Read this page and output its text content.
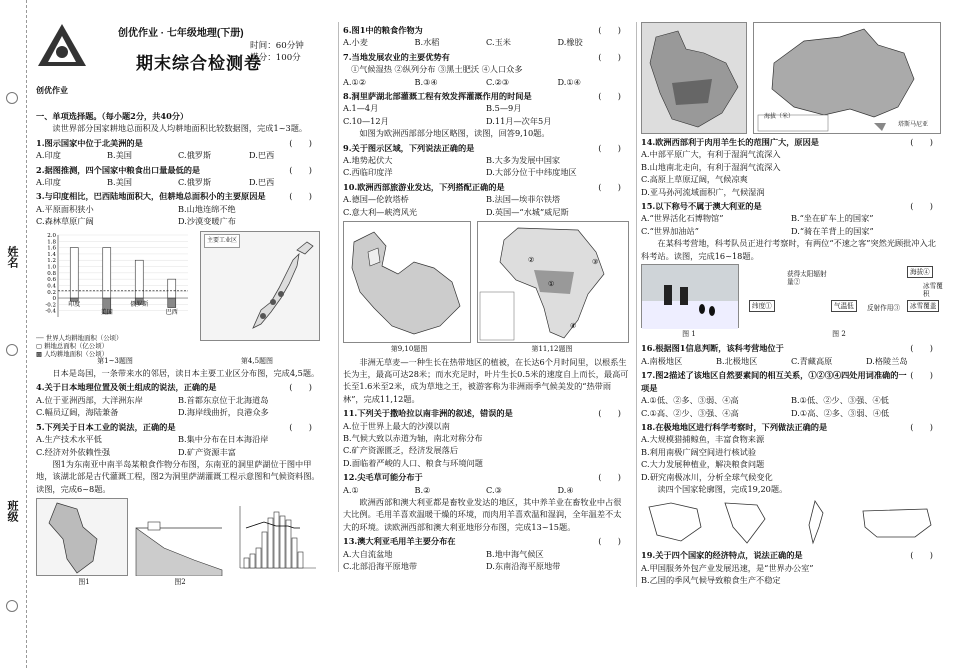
姓名
班级
创优作业
创优作业 · 七年级地理(下册)
时间：60分钟
满分：100分
期末综合检测卷
一、单项选择题。（每小题2分，共40分）
读世界部分国家耕地总面积及人均耕地面积比较数据图，完成1~3题。
1.图示国家中位于北美洲的是	(　　)
A.印度	B.美国	C.俄罗斯	D.巴西
2.据图推测，四个国家中粮食出口量最低的是	(　　)
A.印度	B.美国	C.俄罗斯	D.巴西
3.与印度相比，巴西陆地面积大，但耕地总面积小的主要原因是	(　　)
A.平原面积狭小	B.山地连绵不绝
C.森林草原广阔	D.沙漠变暖广布
2.0
1.8
1.6
1.4
1.2
1.0
0.8
0.6
0.4
0.2
0
-0.2
-0.4
印度
美国
俄罗斯
巴西
┈┈ 世界人均耕地面积（公顷）
▢ 耕地总面积（亿公顷）
▩ 人均耕地面积（公顷）
主要工业区
第1~3题图	第4,5题图
日本是岛国，一条带来水的邻居，读日本主要工业区分布图，完成4,5题。
4.关于日本地理位置及领土组成的说法，正确的是	(　　)
A.位于亚洲西部，大洋洲东岸	B.首都东京位于北海道岛
C.幅员辽阔，海陆兼备	D.海岸线曲折，良港众多
5.下列关于日本工业的说法，正确的是	(　　)
A.生产技术水平低	B.集中分布在日本海沿岸
C.经济对外依赖性强	D.矿产资源丰富
图1为东南亚中南半岛某粮食作物分布图，东南亚的洞里萨湖位于图中甲地，该湖北部是古代灌溉工程，图2为洞里萨湖灌溉工程示意图和气候资料图。读图，完成6~8题。
图1	图2
6.图1中的粮食作物为	(　　)
A.小麦	B.水稻	C.玉米	D.橡胶
7.当地发展农业的主要优势有	(　　)
①气候湿热 ②纵列分布 ③黑土肥沃 ④人口众多
A.①②	B.③④	C.②③	D.①④
8.洞里萨湖北部灌溉工程有效发挥灌溉作用的时间是	(　　)
A.1—4月	B.5—9月
C.10—12月	D.11月—次年5月
如图为欧洲西部部分地区略图，读图，回答9,10题。
9.关于图示区域，下列说法正确的是	(　　)
A.地势起伏大	B.大多为发展中国家
C.西临印度洋	D.大部分位于中纬度地区
10.欧洲西部旅游业发达，下列搭配正确的是	(　　)
A.德国—伦敦塔桥	B.法国—埃菲尔铁塔
C.意大利—峡湾风光	D.英国—“水城”威尼斯
③
①
④
②
第9,10题图	第11,12题图
非洲无草麦—一种生长在热带地区的植被，在长达6个月时间里，以根系生长为主，最高可达28米；而水充足时，叶片生长0.5米的速度自上而长，最高可长至1.6米至2米，成为草地之王，被游客称为非洲雨季气候美发的“热带雨林”，完成11,12题。
11.下列关于撒哈拉以南非洲的叙述，错误的是	(　　)
A.位于世界上最大的沙漠以南
B.气候大致以赤道为轴，南北对称分布
C.矿产资源匮乏，经济发展落后
D.面临着严峻的人口、粮食与环境问题
12.尖毛草可能分布于	(　　)
A.①	B.②	C.③	D.④
欧洲西部和澳大利亚都是畜牧业发达的地区，其中养羊业在畜牧业中占很大比例。毛用羊喜欢温暖干燥的环境，而肉用羊喜欢温和湿润，全年温差不太大的环境。读欧洲西部和澳大利亚地形分布图，完成13~15题。
13.澳大利亚毛用羊主要分布在	(　　)
A.大自流盆地	B.地中海气候区
C.北部沿海平原地带	D.东南沿海平原地带
海拔（米）
塔斯马尼亚
14.欧洲西部利于肉用羊生长的范围广大，原因是	(　　)
A.中部平原广大，有利于湿润气流深入
B.山地南北走向，有利于湿润气流深入
C.高原上草原辽阔，气候凉爽
D.亚马孙河流域面积广，气候湿润
15.以下称号不属于澳大利亚的是	(　　)
A.“世界活化石博物馆”	B.“坐在矿车上的国家”
C.“世界加油站”	D.“骑在羊背上的国家”
在某科考营地，科考队员正进行考察时，有两位“不速之客”突然光顾批冲入北科考站。读图，完成16~18题。
纬度①
获得太阳辐射量②
气温低	反射作用③	冰雪覆盖
海拔④
冰雪覆积
图 1	图 2
16.根据图1信息判断，该科考营地位于	(　　)
A.南极地区	B.北极地区	C.青藏高原	D.格陵兰岛
17.图2描述了该地区自然要素间的相互关系，①②③④四处用词准确的一项是
(　　)
A.①低、②多、③弱、④高	B.①低、②少、③强、④低
C.①高、②少、③强、④高	D.①高、②多、③弱、④低
18.在极地地区进行科学考察时，下列做法正确的是	(　　)
A.大规模猎捕鲸鱼，丰富食物来源
B.利用南极广阔空间进行核试验
C.大力发展种植业，解决粮食问题
D.研究南极冰川，分析全球气候变化
读四个国家轮廓图，完成19,20题。
19.关于四个国家的经济特点，说法正确的是	(　　)
A.甲国服务外包产业发展迅速，是“世界办公室”
B.乙国的季风气候导致粮食生产不稳定
